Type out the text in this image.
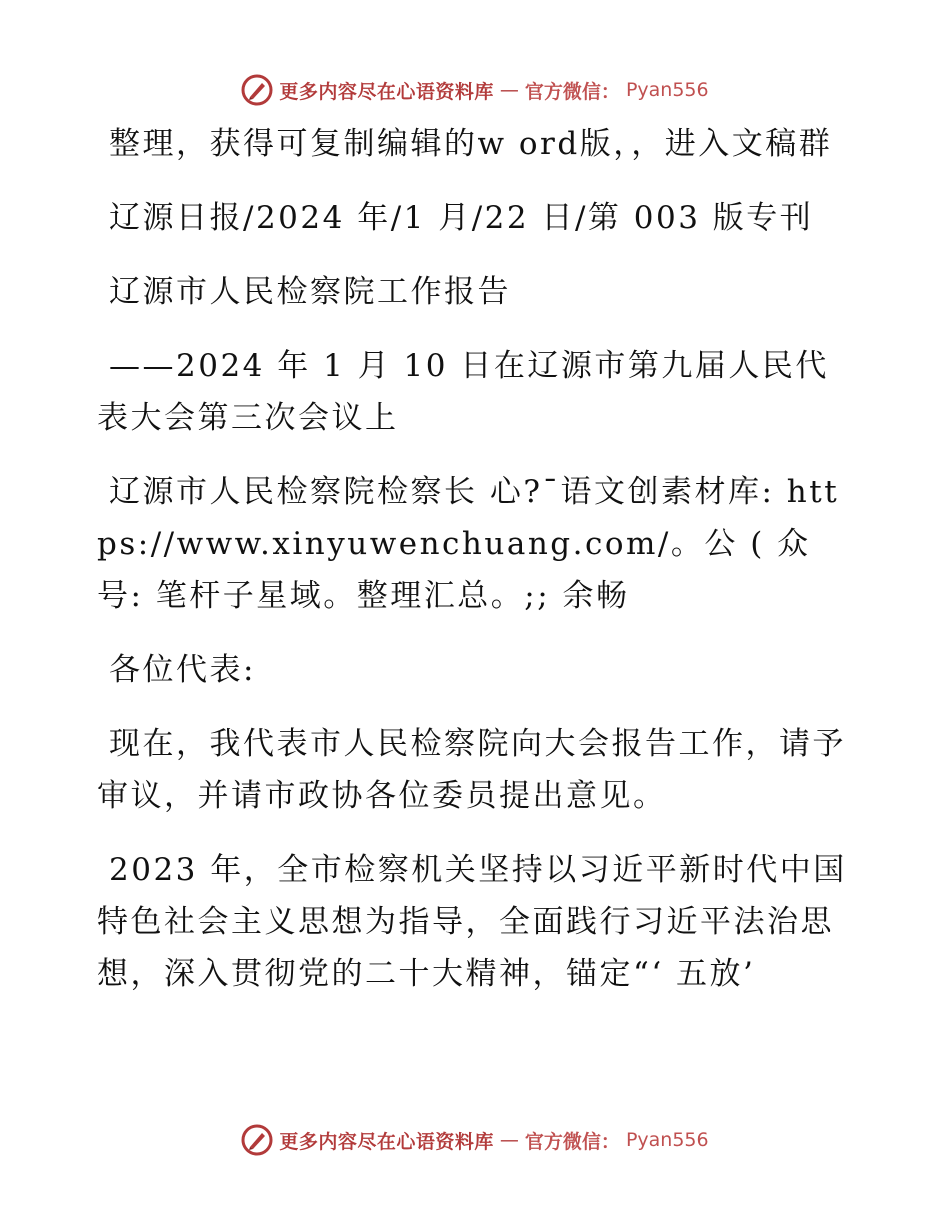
更多内容尽在心语资料库 — 官方微信： Pyan556

整理，获得可复制编辑的w ord版，，进入文稿群

辽源日报/2024 年/1 月/22 日/第 003 版专刊

辽源市人民检察院工作报告

——2024 年 1 月 10 日在辽源市第九届人民代表大会第三次会议上

辽源市人民检察院检察长 心?¯语文创素材库: https://www.xinyuwenchuang.com/。公 ( 众号: 笔杆子星域。整理汇总。;; 余畅

各位代表:

现在，我代表市人民检察院向大会报告工作，请予审议，并请市政协各位委员提出意见。

2023 年，全市检察机关坚持以习近平新时代中国特色社会主义思想为指导，全面践行习近平法治思想，深入贯彻党的二十大精神，锚定“‘ 五放’

更多内容尽在心语资料库 — 官方微信： Pyan556
